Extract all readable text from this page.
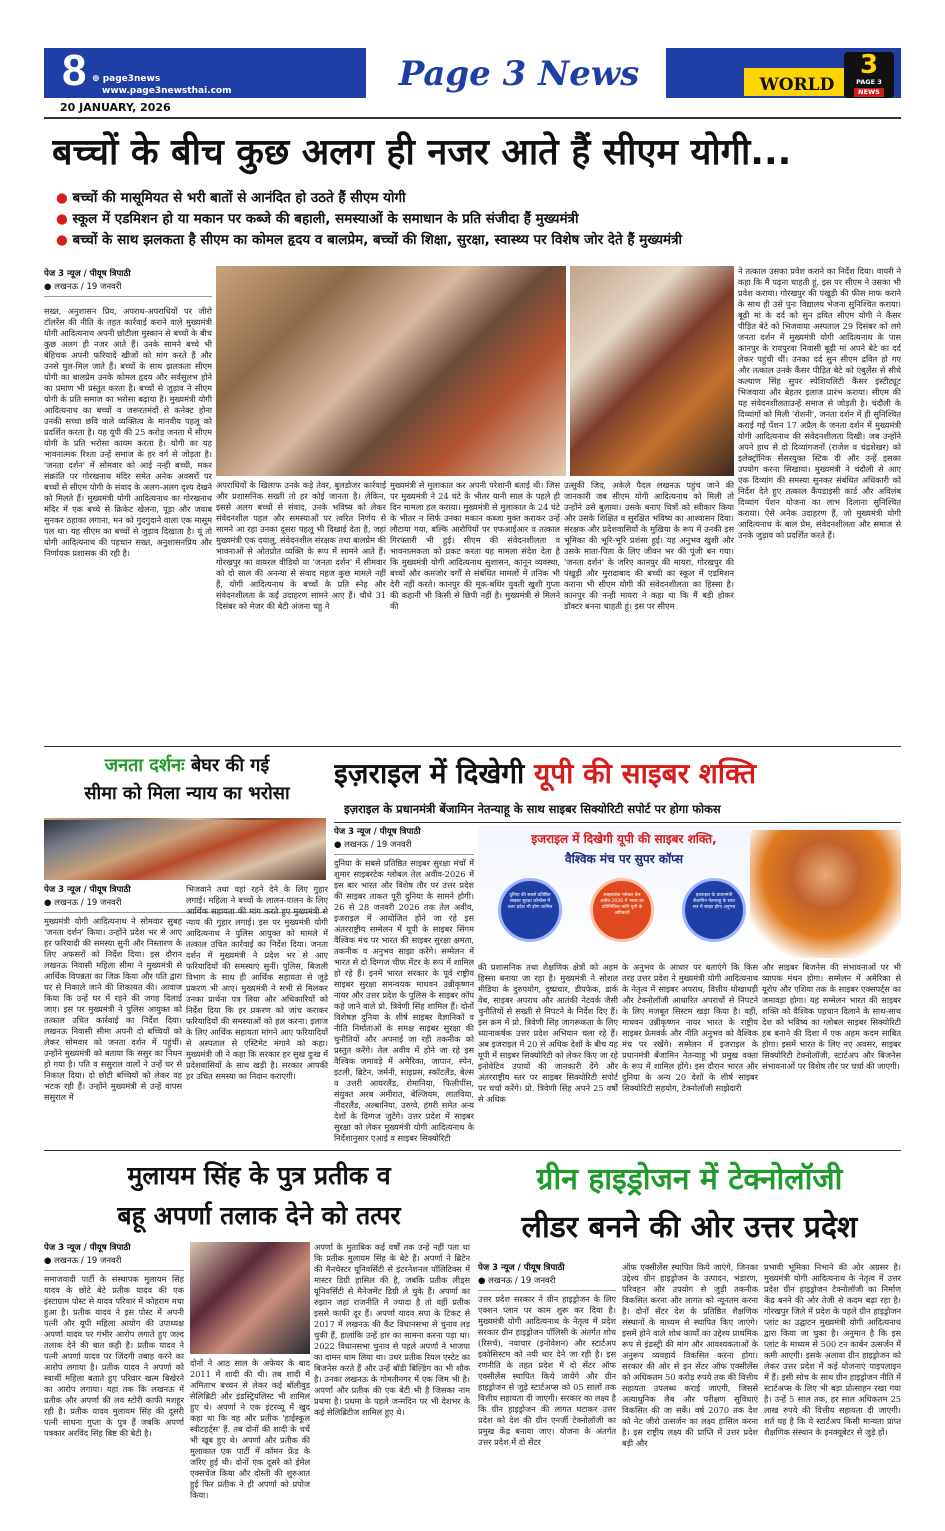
8 ⊕ page3news
www.page3newsthai.com	Page 3 News	WORLD
3
PAGE 3
NEWS
20 JANUARY, 2026
बच्चों के बीच कुछ अलग ही नजर आते हैं सीएम योगी...
● बच्चों की मासूमियत से भरी बातों से आनंदित हो उठते हैं सीएम योगी
● स्कूल में एडमिशन हो या मकान पर कब्जे की बहाली, समस्याओं के समाधान के प्रति संजीदा हैं मुख्यमंत्री
● बच्चों के साथ झलकता है सीएम का कोमल हृदय व बालप्रेम, बच्चों की शिक्षा, सुरक्षा, स्वास्थ्य पर विशेष जोर देते हैं मुख्यमंत्री
पेज 3 न्यूज / पीयूष त्रिपाठी
● लखनऊ / 19 जनवरी
सख्त, अनुशासन प्रिय, अपराध-अपराधियों पर जीरो टॉलरेंस की नीति के तहत कार्रवाई कराने वाले मुख्यमंत्री योगी आदित्यनाथ अपनी छोटीला मुस्कान से बच्चों के बीच कुछ अलग ही नजर आते हैं। उनके सामने बच्चे भी बेहिचक अपनी फरियादें खीजों को मांग करते हैं और उनसे घुल-मिल जाते हैं। बच्चों के साथ झलकता सीएम योगी का बालप्रेम उनके कोमल हृदय और सर्वसुलभ होने का प्रमाण भी प्रस्तुत करता है। बच्चों से जुड़ाव ने सीएम योगी के प्रति समाज का भरोसा बढ़ाया है। मुख्यमंत्री योगी आदित्यनाथ का बच्चों व जरूरतमंदों से कनेक्ट होना उनकी सच्चा छवि वाले व्यक्तित्व के मानवीय पहलू को प्रदर्शित करता है। यह यूपी की 25 करोड़ जनता में सीएम योगी के प्रति भरोसा कायम करता है। योगी का यह भावनात्मक रिश्ता उन्हें समाज के हर वर्ग से जोड़ता है। 'जनता दर्शन' में सोमवार को आई नन्ही बच्ची, मकर संक्रांति पर गोरखनाथ मंदिर समेत अनेक अवसरों पर बच्चों से सीएम योगी के संवाद के अलग-अलग दृश्य देखने को मिलते हैं। मुख्यमंत्री योगी आदित्यनाथ का गोरखनाथ मंदिर में एक बच्चे से क्रिकेट खेलना, पूड़ा और जवाब सुनकर ठहाका लगाना, मन को गुदगुदाने वाला एक मासूम पल था। यह सीएम का बच्चों से जुड़ाव दिखाता है। यूं तो योगी आदित्यनाथ की पहचान सख्त, अनुशासनप्रिय और निर्णायक प्रशासक की रही है।
अपराधियों के खिलाफ उनके कड़े तेवर, बुलडोजर कार्रवाई और प्रशासनिक सख्ती तो हर कोई जानता है। लेकिन, इससे अलग बच्चों से संवाद, उनके भविष्य को लेकर संवेदनशील पहल और समस्याओं पर त्वरित निर्णय से सामने आ रहा उनका दूसरा पहलू भी दिखाई देता है, जहां मुख्यमंत्री एक दयालु, संवेदनशील संरक्षक तथा बालप्रेम की भावनाओं से ओतप्रोत व्यक्ति के रूप में सामने आते हैं। गोरखपुर का वायरल वीडियो या 'जनता दर्शन' में सीमवार को दो साल की अनन्या से संवाद महज कुछ मामले नहीं हैं, योगी आदित्यनाथ के बच्चों के प्रति स्नेह और संवेदनशीलता के कई उदाहरण सामने आए हैं। चौथे 31 दिसंबर को मेजर की बेटी अंजना चहु ने
मुख्यमंत्री से मुलाकात कर अपनी परेशानी बताई थी। जिस पर मुख्यमंत्री ने 24 घंटे के भीतर यानी साल के पहले ही दिन मामला हल कराया। मुख्यमंत्री से मुलाकात के 24 घंटे के भीतर न सिर्फ उनका मकान कब्जा मुक्त कराकर उन्हें लौटाया गया, बल्कि आरोपियों पर एफआईआर व तत्काल गिरफ्तारी भी हुई। सीएम की संवेदनशीलता व भावनात्मकता को प्रकट करता यह मामला संदेश देता है कि मुख्यमंत्री योगी आदित्यनाथ सुशासन, कानून व्यवस्था, बच्चों और कमजोर वर्गों से संबंधित मामलों में तनिक भी देरी नहीं करते। कानपुर की मूक-बधिर युवती खुशी गुप्ता की कहानी भी किसी से छिपी नहीं है। मुख्यमंत्री से मिलने की
उत्सुकी जिद, अकेले पैदल लखनऊ पहुंच जाने की जानकारी जब सीएम योगी आदित्यनाथ को मिली तो उन्होंने उसे बुलाया। उसके बनाए चित्रों को स्वीकार किया और उसके शिक्षित व सुरक्षित भविष्य का आश्वासन दिया। संरक्षक और प्रदेशवासियों के मुखिया के रूप में उनकी इस भूमिका की भूरि-भूरि प्रशंसा हुई। यह अनुभव खुशी और उसके माता-पिता के लिए जीवन भर की पूंजी बन गया। 'जनता दर्शन' के जरिए कानपुर की मायरा, गोरखपुर की पंखुड़ी और मुरादाबाद की बच्ची का स्कूल में एडमिशन कराना भी सीएम योगी की संवेदनशीलता का हिस्सा है। कानपुर की नन्ही मायरा ने कहा था कि मैं बड़ी होकर डॉक्टर बनना चाहती हूं। इस पर सीएम
ने तत्काल उसका प्रवेश कराने का निर्देश दिया। वायरी ने कहा कि मैं पढ़ना चाहती हूं, इस पर सीएम ने उसका भी प्रवेश कराया। गोरखपुर की पंखुड़ी की फीस माफ कराने के साथ ही उसे पुनः विद्यालय भेजना सुनिश्चित कराया। बूढ़ी मां के दर्द को सुन द्रवित सीएम योगी ने कैंसर पीड़ित बेटे को भिजवाया अस्पताल 29 दिसंबर को लगे जनता दर्शन में मुख्यमंत्री योगी आदित्यनाथ के पास कानपुर के रायपुरवा निवासी बूढ़ी मां अपने बेटे का दर्द लेकर पहुंची थीं। उनका दर्द सुन सीएम द्रवित हो गए और तत्काल उनके कैंसर पीड़ित बेटे को एंबुलेंस से सीधे कल्याण सिंह सुपर स्पेशियलिटी कैंसर इंस्टीट्यूट भिजवाया और बेहतर इलाज प्रारंभ कराया। सीएम की यह संवेदनशीलताउन्हें समाज से जोड़ती है। चंदौली के दिव्यांगों को मिली 'रोशनी', जनता दर्शन में ही सुनिश्चित कराई गई पेंशन 17 अप्रैल के जनता दर्शन में मुख्यमंत्री योगी आदित्यनाथ की संवेदनशीलता दिखी। जब उन्होंने अपने हाथ से दो दिव्यांगजनों (राजेश व चंद्रशेखर) को इलेक्ट्रॉनिक सेंसरयुक्त स्टिक दी और उन्हें इसका उपयोग करना सिखाया। मुख्यमंत्री ने चंदौली से आए एक दिव्यांग की समस्या सुनकर संबंधित अधिकारी को निर्देश देते हुए तत्काल कैंपडाइसी कार्ड और अविलंब दिव्यांग पेंशन योजना का लाभ दिलाना सुनिश्चित कराया। ऐसे अनेक उदाहरण हैं, जो मुख्यमंत्री योगी आदित्यनाथ के बाल प्रेम, संवेदनशीलता और समाज से उनके जुड़ाव को प्रदर्शित करते हैं।
जनता दर्शनः बेघर की गई
सीमा को मिला न्याय का भरोसा
पेज 3 न्यूज / पीयूष त्रिपाठी
● लखनऊ / 19 जनवरी
मुख्यमंत्री योगी आदित्यनाथ ने सोमवार सुबह 'जनता दर्शन' किया। उन्होंने प्रदेश भर से आए हर फरियादी की समस्या सुनी और निस्तारण के लिए अफसरों को निर्देश दिया। इस दौरान लखनऊ निवासी महिला सीमा ने मुख्यमंत्री से आर्थिक विपन्नता का जिक्र किया और पति द्वारा घर से निकाले जाने की शिकायत की। आवाज किया कि उन्हें घर में रहने की जगह दिलाई जाए। इस पर मुख्यमंत्री ने पुलिस आयुक्त को तत्काल उचित कार्रवाई का निर्देश दिया। लखनऊ निवासी सीमा अपनी दो बच्चियों को लेकर सोमवार को जनता दर्शन में पहुंचीं। उन्होंने मुख्यमंत्री को बताया कि ससुर का निधन हो गया है। पति व ससुराल वालों ने उन्हें घर से निकाल दिया। दो छोटी बच्चियों को लेकर वह भटक रही हैं। उन्होंने मुख्यमंत्री से उन्हें वापस ससुराल में
भिजवाने तथा वहां रहने देने के लिए गुहार लगाई। महिला ने बच्चों के लालन-पालन के लिए आर्थिक सहायता की मांग करते हुए मुख्यमंत्री से न्याय की गुहार लगाई। इस पर मुख्यमंत्री योगी आदित्यनाथ ने पुलिस आयुक्त को मामले में तत्काल उचित कार्रवाई का निर्देश दिया। जनता दर्शन में मुख्यमंत्री ने प्रदेश भर से आए फरियादियों की समस्याएं सुनीं। पुलिस, बिजली विभाग के साथ ही आर्थिक सहायता से जुड़े प्रकरण भी आए। मुख्यमंत्री ने सभी से मिलकर उनका प्रार्थना पत्र लिया और अधिकारियों को निर्देश दिया कि हर प्रकरण को जांच कराकर फरियादियों की समस्याओं को हल करना। इलाज के लिए आर्थिक सहायता मांगने आए फरियादियों से अस्पताल से एस्टिमेट मंगाने को कहा। मुख्यमंत्री जी ने कहा कि सरकार हर सुख दुःख में प्रदेशवासियों के साथ खड़ी है। सरकार आपकी हर उचित समस्या का निदान कराएगी।
इज़राइल में दिखेगी यूपी की साइबर शक्ति
इज़राइल के प्रधानमंत्री बेंजामिन नेतन्याहू के साथ साइबर सिक्योरिटी सपोर्ट पर होगा फोकस
पेज 3 न्यूज / पीयूष त्रिपाठी
● लखनऊ / 19 जनवरी
दुनिया के सबसे प्रतिष्ठित साइबर सुरक्षा मंचों में शुमार साइबरटेक ग्लोबल तेल अवीव-2026 में इस बार भारत और विशेष तौर पर उत्तर प्रदेश की साइबर ताकत पूरी दुनिया के सामने होगी। 26 से 28 जनवरी 2026 तक तेल अवीव, इजराइल में आयोजित होने जा रहे इस अंतरराष्ट्रीय सम्मेलन में यूपी के साइबर सिंगम वैश्विक मंच पर भारत की साइबर सुरक्षा क्षमता, तकनीक व अनुभव साझा करेंगे। सम्मेलन में भारत से दो दिग्गज चीफ मेंटर के रूप में शामिल हो रहे हैं। इनमें भारत सरकार के पूर्व राष्ट्रीय साइबर सुरक्षा समन्वयक माधवन उन्नीकृष्णन नायर और उत्तर प्रदेश के पुलिस के साइबर कॉप कहे जाने वाले प्रो. त्रिवेणी सिंह शामिल हैं। दोनों विशेषज्ञ दुनिया के शीर्ष साइबर वैज्ञानिकों व नीति निर्माताओं के समक्ष साइबर सुरक्षा की चुनौतियों और अपनाई जा रही तकनीक को प्रस्तुत करेंगे। तेल अवीव में होने जा रहे इस वैश्विक जमावड़े में अमेरिका, जापान, स्पेन, इटली, ब्रिटेन, जर्मनी, साइप्रस, स्कॉटलैंड, बेल्स व उत्तरी आयरलैंड, रोमानिया, फिलीपींस, संयुक्त अरब अमीरात, बेल्जियम, लातविया, नीदरलैंड, अल्बानिया, उरुग्वे, हंगरी समेत अन्य देशों के दिग्गज जुटेंगे। उत्तर प्रदेश में साइबर सुरक्षा को लेकर मुख्यमंत्री योगी आदित्यनाथ के निर्देशानुसार एआई व साइबर सिक्योरिटी
इजराइल में दिखेगी यूपी की साइबर शक्ति,
वैश्विक मंच पर सुपर कॉप्स
दुनिया की सबसे प्रतिष्ठित साइबर सुरक्षा कॉन्फ्रेंस में उत्तर प्रदेश भी होगा शामिल
साइबरटेक ग्लोबल तेल अवीव 2026 में भारत का प्रतिनिधित्व करेंगे यूपी के अधिकारी
इजराइल के प्रधानमंत्री बेंजामिन नेतन्याहू के साथ सत्र में साझा होगा अनुभव
की प्रशासनिक तथा शैक्षणिक क्षेत्रों को अहम हिस्सा बनाया जा रहा है। मुख्यमंत्री ने सोशल मीडिया के दुरुपयोग, दुष्प्रचार, डीपफेक, डार्क वेब, साइबर अपराध और आतंकी नेटवर्क जैसी चुनौतियों से सख्ती से निपटने के निर्देश दिए हैं। इस क्रम में प्रो. त्रिवेणी सिंह जागरूकता के लिए ध्यानाकर्षक उत्तर प्रदेश अभियान चला रहे हैं। अब इजराइल में 20 से अधिक देशों के बीच यह यूपी में साइबर सिक्योरिटी को लेकर किए जा रहे इनोवेटिव उपायों की जानकारी देंगे और अंतरराष्ट्रीय स्तर पर साइबर सिक्योरिटी सपोर्ट पर चर्चा करेंगे। प्रो. त्रिवेणी सिंह अपने 25 वर्षों से अधिक
के अनुभव के आधार पर बताएंगे कि किस तरह उत्तर प्रदेश ने मुख्यमंत्री योगी आदित्यनाथ के नेतृत्व में साइबर अपराध, वित्तीय धोखाधड़ी और टेक्नोलॉजी आधारित अपराधों से निपटने के लिए मजबूत सिस्टम खड़ा किया है। वहीं, माधवन उन्नीकृष्णन नायर भारत के राष्ट्रीय साइबर फ्रेमवर्क और नीति अनुभव को वैश्विक मंच पर रखेंगे। सम्मेलन में इजराइल के प्रधानमंत्री बेंजामिन नेतन्याहू भी प्रमुख वक्ता के रूप में शामिल होंगे। इस दौरान भारत और दुनिया के अन्य 20 देशों के शीर्ष साइबर सिक्योरिटी सहयोग, टेक्नोलॉजी साझेदारी
और साइबर बिजनेस की संभावनाओं पर भी व्यापक मंथन होगा। सम्मेलन में अमेरिका से यूरोप और एशिया तक के साइबर एक्सपर्ट्स का जमावड़ा होगा। यह सम्मेलन भारत की साइबर शक्ति को वैश्विक पहचान दिलाने के साथ-साथ देश को भविष्य का ग्लोबल साइबर सिक्योरिटी हब बनाने की दिशा में एक अहम कदम साबित होगा। इसमें भारत के लिए नए अवसर, साइबर सिक्योरिटी टेक्नोलॉजी, स्टार्टअप और बिजनेस संभावनाओं पर विशेष तौर पर चर्चा की जाएगी।
मुलायम सिंह के पुत्र प्रतीक व
बहू अपर्णा तलाक देने को तत्पर
पेज 3 न्यूज / पीयूष त्रिपाठी
● लखनऊ / 19 जनवरी
समाजवादी पार्टी के संस्थापक मुलायम सिंह यादव के छोटे बेटे प्रतीक यादव की एक इंस्टाग्राम पोस्ट से यादव परिवार में कोहराम मचा हुआ है। प्रतीक यादव ने इस पोस्ट में अपनी पत्नी और यूपी महिला आयोग की उपाध्यक्ष अपर्णा यादव पर गंभीर आरोप लगाते हुए जल्द तलाक देने की बात कही है। प्रतीक यादव ने पत्नी अपर्णा यादव पर जिंदगी तबाह करने का आरोप लगाया है। प्रतीक यादव ने अपर्णा को स्वार्थी महिला बताते हुए परिवार खत्म बिखेरने का आरोप लगाया। यहां तक कि लखनऊ में प्रतीक और अपर्णा की लव स्टोरी काफी मशहूर रही है। प्रतीक यादव मुलायम सिंह की दूसरी पत्नी साधना गुप्ता के पुत्र हैं जबकि अपर्णा पत्रकार अरविंद सिंह बिष्ट की बेटी है।
दोनों ने आठ साल के अफेयर के बाद 2011 में शादी की थी। तब शादी में अमिताभ बच्चन से लेकर कई बॉलीवुड सेलिब्रिटी और इंडस्ट्रियलिस्ट भी शामिल हुए थे। अपर्णा ने एक इंटरव्यू में खुद कहा था कि वह और प्रतीक 'हाईस्कूल स्वीटहर्ट्स' हैं. तब दोनों की शादी के चर्चे भी खूब हुए थे। अपर्णा और प्रतीक की मुलाकात एक पार्टी में कॉमन फ्रेंड के जरिए हुई थी। दोनों एक दूसरे को ईमेल एक्सचेंज किया और दोस्ती की शुरुआत हुई फिर प्रतीक ने ही अपर्णा को प्रपोज किया।
अपर्णा के मुताबिक कई वर्षों तक उन्हें नहीं पता था कि प्रतीक मुलायम सिंह के बेटे हैं। अपर्णा ने ब्रिटेन की मैनचेस्टर यूनिवर्सिटी से इंटरनेशनल पॉलिटिक्स में मास्टर डिग्री हासिल की है, जबकि प्रतीक लीड्स यूनिवर्सिटी से मैनेजमेंट डिग्री ले चुके हैं। अपर्णा का रुझान जहां राजनीति में ज्यादा है तो वहीं प्रतीक इससे काफी दूर हैं। अपर्णा यादव सपा के टिकट से 2017 में लखनऊ की कैंट विधानसभा से चुनाव लड़ चुकी हैं, हालांकि उन्हें हार का सामना करना पड़ा था। 2022 विधानसभा चुनाव से पहले अपर्णा ने भाजपा का दामन थाम लिया था। उधर प्रतीक रियल एस्टेट का बिजनेस करते हैं और उन्हें बॉडी बिल्डिंग का भी शौक है। उनका लखनऊ के गोमतीनगर में एक जिम भी है। अपर्णा और प्रतीक की एक बेटी भी है जिसका नाम प्रथमा है। प्रथमा के पहले जन्मदिन पर भी देशभर के कई सेलिब्रिटीज शामिल हुए थे।
ग्रीन हाइड्रोजन में टेक्नोलॉजी
लीडर बनने की ओर उत्तर प्रदेश
पेज 3 न्यूज / पीयूष त्रिपाठी
● लखनऊ / 19 जनवरी
उत्तर प्रदेश सरकार ने ग्रीन हाइड्रोजन के लिए एक्शन प्लान पर काम शुरू कर दिया है। मुख्यमंत्री योगी आदित्यनाथ के नेतृत्व में प्रदेश सरकार ग्रीन हाइड्रोजन पॉलिसी के अंतर्गत शोध (रिसर्च), नवाचार (इनोवेशन) और स्टार्टअप इकोसिस्टम को नयी धार देने जा रही है। इस रणनीति के तहत प्रदेश में दो सेंटर ऑफ एक्सीलेंस स्थापित किये जायेंगे और ग्रीन हाइड्रोजन से जुड़े स्टार्टअप्स को 05 सालों तक वित्तीय सहायता दी जाएगी। सरकार का लक्ष्य है कि ग्रीन हाइड्रोजन की लागत घटाकर उत्तर प्रदेश को देश की ग्रीन एनर्जी टेक्नोलॉजी का प्रमुख केंद्र बनाया जाए। योजना के अंतर्गत उत्तर प्रदेश में दो सेंटर
ऑफ एक्सीलेंस स्थापित किये जाएंगे, जिनका उद्देश्य ग्रीन हाइड्रोजन के उत्पादन, भंडारण, परिवहन और उपयोग से जुड़ी तकनीक विकसित करना और लागत को न्यूनतम करना है। दोनों सेंटर देश के प्रतिष्ठित शैक्षणिक संस्थानों के माध्यम से स्थापित किए जाएंगे। इसमें होने वाले शोध कार्यों का उद्देश्य प्राथमिक रूप से इंडस्ट्री की मांग और आवश्यकताओं के अनुरूप व्यवहार्य विकसित करना होगा। सरकार की ओर से इन सेंटर ऑफ एक्सीलेंस को अधिकतम 50 करोड़ रुपये तक की वित्तीय सहायता उपलब्ध कराई जाएगी, जिससे अत्याधुनिक लैब और परीक्षण सुविधाएं विकसित की जा सकें। वर्ष 2070 तक देश को नेट जीरो उत्सर्जन का लक्ष्य हासिल करना है। इस राष्ट्रीय लक्ष्य की प्राप्ति में उत्तर प्रदेश बड़ी और
प्रभावी भूमिका निभाने की ओर अग्रसर है। मुख्यमंत्री योगी आदित्यनाथ के नेतृत्व में उत्तर प्रदेश ग्रीन हाइड्रोजन टेक्नोलॉजी का निर्माण केंद्र बनने की ओर तेजी से कदम बढ़ा रहा है। गोरखपुर जिले में प्रदेश के पहले ग्रीन हाइड्रोजन प्लांट का उद्घाटन मुख्यमंत्री योगी आदित्यनाथ द्वारा किया जा चुका है। अनुमान है कि इस प्लांट के माध्यम से 500 टन कार्बन उत्सर्जन में कमी आएगी। इसके अलावा ग्रीन हाइड्रोजन को लेकर उत्तर प्रदेश में कई योजनाएं पाइपलाइन में हैं। इसी सोच के साथ ग्रीन हाइड्रोजन नीति में स्टार्टअप्स के लिए भी बड़ा प्रोत्साहन रखा गया है। उन्हें 5 साल तक, हर साल अधिकतम 25 लाख रुपये की वित्तीय सहायता दी जाएगी। शर्त यह है कि ये स्टार्टअप किसी मान्यता प्राप्त शैक्षणिक संस्थान के इनक्यूबेटर से जुड़े हों।
